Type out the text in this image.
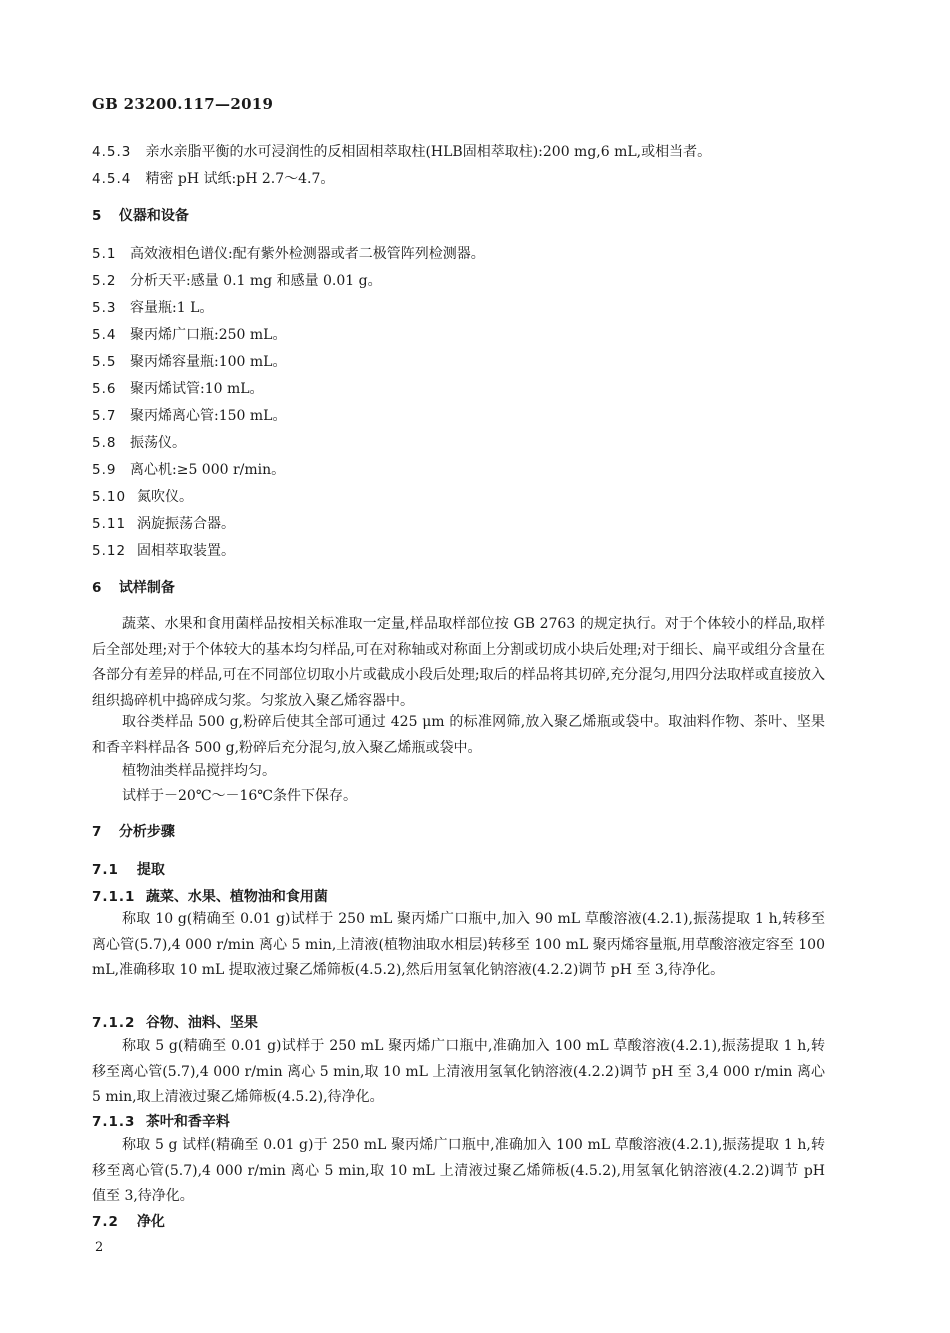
GB 23200.117—2019
4.5.3 亲水亲脂平衡的水可浸润性的反相固相萃取柱(HLB固相萃取柱):200 mg,6 mL,或相当者。
4.5.4 精密 pH 试纸:pH 2.7～4.7。
5 仪器和设备
5.1 高效液相色谱仪:配有紫外检测器或者二极管阵列检测器。
5.2 分析天平:感量 0.1 mg 和感量 0.01 g。
5.3 容量瓶:1 L。
5.4 聚丙烯广口瓶:250 mL。
5.5 聚丙烯容量瓶:100 mL。
5.6 聚丙烯试管:10 mL。
5.7 聚丙烯离心管:150 mL。
5.8 振荡仪。
5.9 离心机:≥5 000 r/min。
5.10 氮吹仪。
5.11 涡旋振荡合器。
5.12 固相萃取装置。
6 试样制备
蔬菜、水果和食用菌样品按相关标准取一定量,样品取样部位按 GB 2763 的规定执行。对于个体较小的样品,取样后全部处理;对于个体较大的基本均匀样品,可在对称轴或对称面上分割或切成小块后处理;对于细长、扁平或组分含量在各部分有差异的样品,可在不同部位切取小片或截成小段后处理;取后的样品将其切碎,充分混匀,用四分法取样或直接放入组织捣碎机中捣碎成匀浆。匀浆放入聚乙烯容器中。
取谷类样品 500 g,粉碎后使其全部可通过 425 μm 的标准网筛,放入聚乙烯瓶或袋中。取油料作物、茶叶、坚果和香辛料样品各 500 g,粉碎后充分混匀,放入聚乙烯瓶或袋中。
植物油类样品搅拌均匀。
试样于－20℃～－16℃条件下保存。
7 分析步骤
7.1 提取
7.1.1 蔬菜、水果、植物油和食用菌
称取 10 g(精确至 0.01 g)试样于 250 mL 聚丙烯广口瓶中,加入 90 mL 草酸溶液(4.2.1),振荡提取 1 h,转移至离心管(5.7),4 000 r/min 离心 5 min,上清液(植物油取水相层)转移至 100 mL 聚丙烯容量瓶,用草酸溶液定容至 100 mL,准确移取 10 mL 提取液过聚乙烯筛板(4.5.2),然后用氢氧化钠溶液(4.2.2)调节 pH 至 3,待净化。
7.1.2 谷物、油料、坚果
称取 5 g(精确至 0.01 g)试样于 250 mL 聚丙烯广口瓶中,准确加入 100 mL 草酸溶液(4.2.1),振荡提取 1 h,转移至离心管(5.7),4 000 r/min 离心 5 min,取 10 mL 上清液用氢氧化钠溶液(4.2.2)调节 pH 至 3,4 000 r/min 离心 5 min,取上清液过聚乙烯筛板(4.5.2),待净化。
7.1.3 茶叶和香辛料
称取 5 g 试样(精确至 0.01 g)于 250 mL 聚丙烯广口瓶中,准确加入 100 mL 草酸溶液(4.2.1),振荡提取 1 h,转移至离心管(5.7),4 000 r/min 离心 5 min,取 10 mL 上清液过聚乙烯筛板(4.5.2),用氢氧化钠溶液(4.2.2)调节 pH 值至 3,待净化。
7.2 净化
2
